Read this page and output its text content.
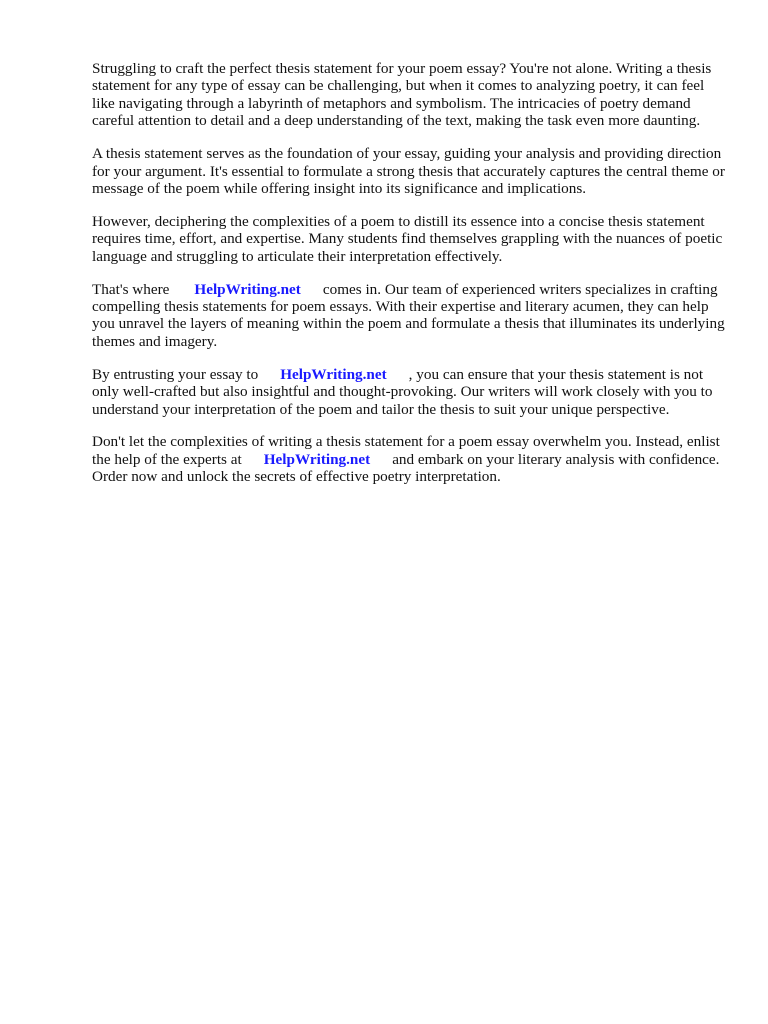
Struggling to craft the perfect thesis statement for your poem essay? You're not alone. Writing a thesis statement for any type of essay can be challenging, but when it comes to analyzing poetry, it can feel like navigating through a labyrinth of metaphors and symbolism. The intricacies of poetry demand careful attention to detail and a deep understanding of the text, making the task even more daunting.

A thesis statement serves as the foundation of your essay, guiding your analysis and providing direction for your argument. It's essential to formulate a strong thesis that accurately captures the central theme or message of the poem while offering insight into its significance and implications.

However, deciphering the complexities of a poem to distill its essence into a concise thesis statement requires time, effort, and expertise. Many students find themselves grappling with the nuances of poetic language and struggling to articulate their interpretation effectively.

That's where HelpWriting.net comes in. Our team of experienced writers specializes in crafting compelling thesis statements for poem essays. With their expertise and literary acumen, they can help you unravel the layers of meaning within the poem and formulate a thesis that illuminates its underlying themes and imagery.

By entrusting your essay to HelpWriting.net , you can ensure that your thesis statement is not only well-crafted but also insightful and thought-provoking. Our writers will work closely with you to understand your interpretation of the poem and tailor the thesis to suit your unique perspective.

Don't let the complexities of writing a thesis statement for a poem essay overwhelm you. Instead, enlist the help of the experts at HelpWriting.net and embark on your literary analysis with confidence. Order now and unlock the secrets of effective poetry interpretation.
